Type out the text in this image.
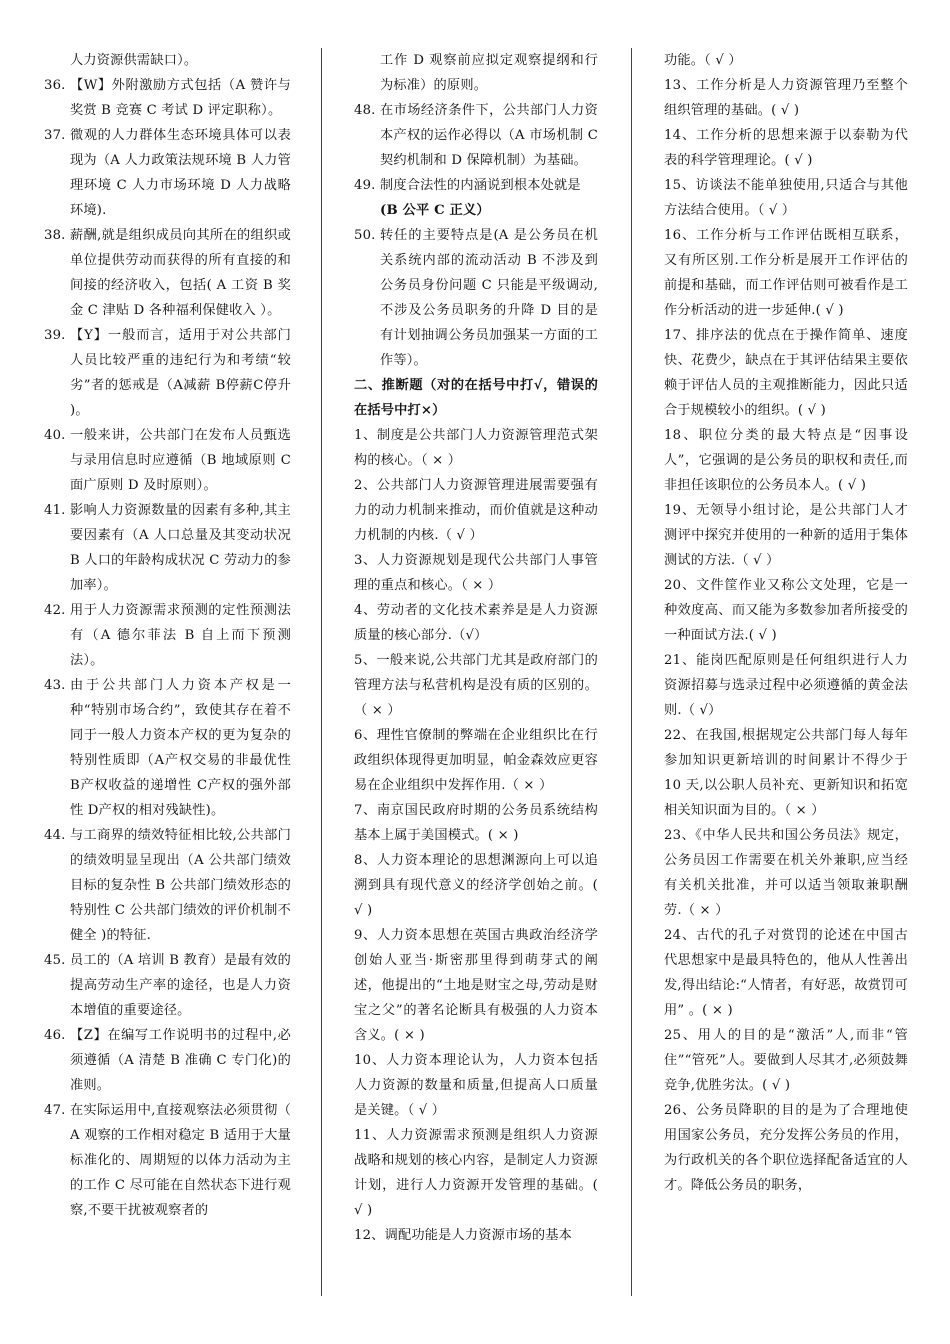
人力资源供需缺口）。
36. 【W】外附激励方式包括（A 赞许与奖赏 B 竞赛 C 考试 D 评定职称）。
37. 微观的人力群体生态环境具体可以表现为（A 人力政策法规环境 B 人力管理环境 C 人力市场环境 D 人力战略环境).
38. 薪酬,就是组织成员向其所在的组织或单位提供劳动而获得的所有直接的和间接的经济收入，包括( A 工资 B 奖金 C 津贴 D 各种福利保健收入 ）。
39. 【Y】一般而言，适用于对公共部门人员比较严重的违纪行为和考绩“较劣”者的惩戒是（A减薪 B停薪C停升 )。
40. 一般来讲，公共部门在发布人员甄选与录用信息时应遵循（B 地域原则 C 面广原则 D 及时原则）。
41. 影响人力资源数量的因素有多种,其主要因素有（A 人口总量及其变动状况 B 人口的年龄构成状况 C 劳动力的参加率）。
42. 用于人力资源需求预测的定性预测法有（A 德尔菲法 B 自上而下预测法）。
43. 由于公共部门人力资本产权是一种“特别市场合约”，致使其存在着不同于一般人力资本产权的更为复杂的特别性质即（A产权交易的非最优性 B产权收益的递增性 C产权的强外部性 D产权的相对残缺性)。
44. 与工商界的绩效特征相比较,公共部门的绩效明显呈现出（A 公共部门绩效目标的复杂性 B 公共部门绩效形态的特别性 C 公共部门绩效的评价机制不健全 )的特征.
45. 员工的（A 培训 B 教育）是最有效的提高劳动生产率的途径，也是人力资本增值的重要途径。
46. 【Z】在编写工作说明书的过程中,必须遵循（A 清楚 B 准确 C 专门化)的准则。
47. 在实际运用中,直接观察法必须贯彻（ A 观察的工作相对稳定 B 适用于大量标准化的、周期短的以体力活动为主的工作 C 尽可能在自然状态下进行观察,不要干扰被观察者的
工作 D 观察前应拟定观察提纲和行为标准）的原则。
48. 在市场经济条件下，公共部门人力资本产权的运作必得以（A 市场机制 C 契约机制和 D 保障机制）为基础。
49. 制度合法性的内涵说到根本处就是
(B 公平 C 正义）
50. 转任的主要特点是(A 是公务员在机关系统内部的流动活动 B 不涉及到公务员身份问题 C 只能是平级调动,不涉及公务员职务的升降 D 目的是有计划抽调公务员加强某一方面的工作等）。

二、推断题（对的在括号中打√，错误的在括号中打×）

1、制度是公共部门人力资源管理范式架构的核心。（ × ）

2、公共部门人力资源管理进展需要强有力的动力机制来推动，而价值就是这种动力机制的内核.（ √ ）

3、人力资源规划是现代公共部门人事管理的重点和核心。（ × ）

4、劳动者的文化技术素养是是人力资源质量的核心部分.（√）

5、一般来说,公共部门尤其是政府部门的管理方法与私营机构是没有质的区别的。（ × ）

6、理性官僚制的弊端在企业组织比在行政组织体现得更加明显，帕金森效应更容易在企业组织中发挥作用.（ × ）

7、南京国民政府时期的公务员系统结构基本上属于美国模式。( × )

8、人力资本理论的思想渊源向上可以追溯到具有现代意义的经济学创始之前。( √ )

9、人力资本思想在英国古典政治经济学创始人亚当·斯密那里得到萌芽式的阐述，他提出的“土地是财宝之母,劳动是财宝之父”的著名论断具有极强的人力资本含义。( × )

10、人力资本理论认为，人力资本包括人力资源的数量和质量,但提高人口质量是关键。（ √ ）

11、人力资源需求预测是组织人力资源战略和规划的核心内容，是制定人力资源计划，进行人力资源开发管理的基础。( √ )

12、调配功能是人力资源市场的基本

功能。（ √ ）

13、工作分析是人力资源管理乃至整个组织管理的基础。( √ )

14、工作分析的思想来源于以泰勒为代表的科学管理理论。( √ )

15、访谈法不能单独使用,只适合与其他方法结合使用。（ √ ）

16、工作分析与工作评估既相互联系，又有所区别.工作分析是展开工作评估的前提和基础，而工作评估则可被看作是工作分析活动的进一步延伸.( √ )

17、排序法的优点在于操作简单、速度快、花费少，缺点在于其评估结果主要依赖于评估人员的主观推断能力，因此只适合于规模较小的组织。( √ )

18、职位分类的最大特点是“因事设人”，它强调的是公务员的职权和责任,而非担任该职位的公务员本人。( √ )

19、无领导小组讨论，是公共部门人才测评中探究并使用的一种新的适用于集体测试的方法.（ √ ）

20、文件筐作业又称公文处理，它是一种效度高、而又能为多数参加者所接受的一种面试方法.( √ )

21、能岗匹配原则是任何组织进行人力资源招募与选录过程中必须遵循的黄金法则.（ √）

22、在我国,根据规定公共部门每人每年参加知识更新培训的时间累计不得少于 10 天,以公职人员补充、更新知识和拓宽相关知识面为目的。（ × ）

23、《中华人民共和国公务员法》规定，公务员因工作需要在机关外兼职,应当经有关机关批准，并可以适当领取兼职酬劳.（ × ）

24、古代的孔子对赏罚的论述在中国古代思想家中是最具特色的，他从人性善出发,得出结论:“人情者，有好恶，故赏罚可用” 。( × )

25、用人的目的是“激活”人,而非“管住”“管死”人。要做到人尽其才,必须鼓舞竞争,优胜劣汰。( √ )

26、公务员降职的目的是为了合理地使用国家公务员，充分发挥公务员的作用，为行政机关的各个职位选择配备适宜的人才。降低公务员的职务，
